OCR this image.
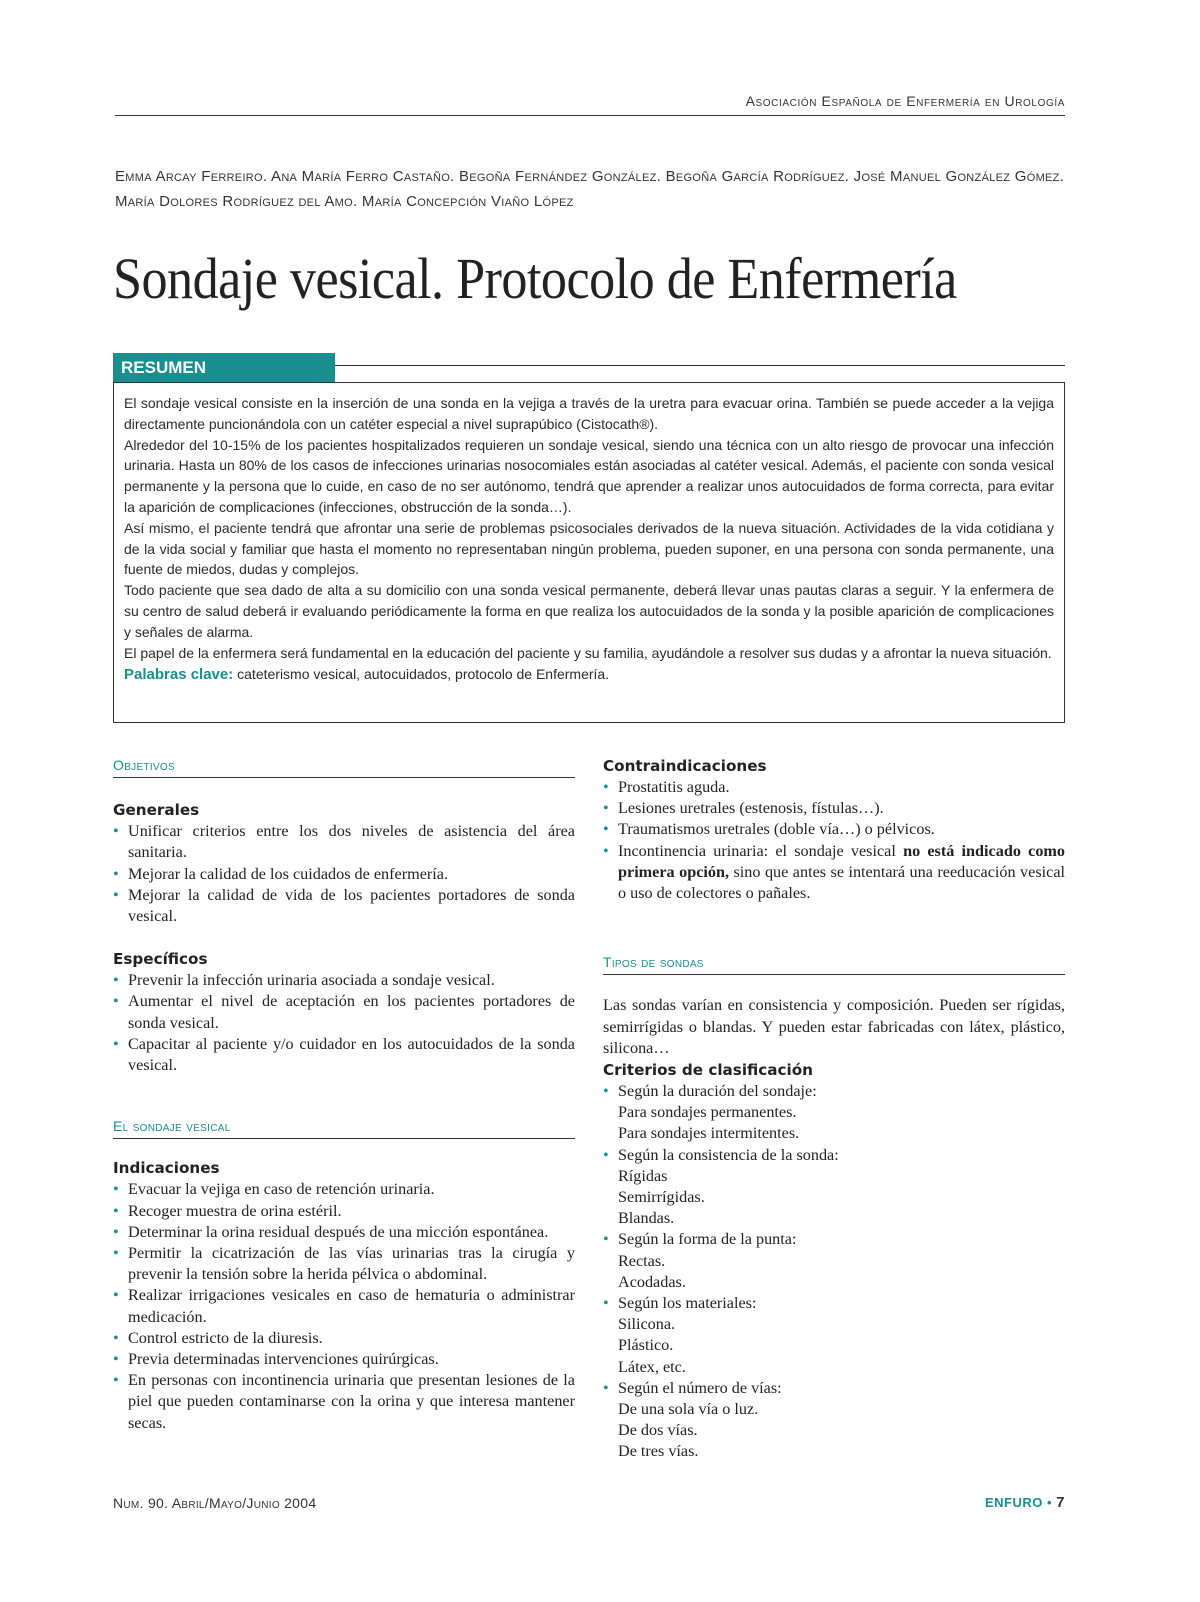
Asociación Española de Enfermería en Urología
Emma Arcay Ferreiro. Ana María Ferro Castaño. Begoña Fernández González. Begoña García Rodríguez. José Manuel González Gómez. María Dolores Rodríguez del Amo. María Concepción Viaño López
Sondaje vesical. Protocolo de Enfermería
RESUMEN

El sondaje vesical consiste en la inserción de una sonda en la vejiga a través de la uretra para evacuar orina. También se puede acceder a la vejiga directamente puncionándola con un catéter especial a nivel suprapúbico (Cistocath®).

Alrededor del 10-15% de los pacientes hospitalizados requieren un sondaje vesical, siendo una técnica con un alto riesgo de provocar una infección urinaria. Hasta un 80% de los casos de infecciones urinarias nosocomiales están asociadas al catéter vesical. Además, el paciente con sonda vesical permanente y la persona que lo cuide, en caso de no ser autónomo, tendrá que aprender a realizar unos autocuidados de forma correcta, para evitar la aparición de complicaciones (infecciones, obstrucción de la sonda…).

Así mismo, el paciente tendrá que afrontar una serie de problemas psicosociales derivados de la nueva situación. Actividades de la vida cotidiana y de la vida social y familiar que hasta el momento no representaban ningún problema, pueden suponer, en una persona con sonda permanente, una fuente de miedos, dudas y complejos.

Todo paciente que sea dado de alta a su domicilio con una sonda vesical permanente, deberá llevar unas pautas claras a seguir. Y la enfermera de su centro de salud deberá ir evaluando periódicamente la forma en que realiza los autocuidados de la sonda y la posible aparición de complicaciones y señales de alarma.

El papel de la enfermera será fundamental en la educación del paciente y su familia, ayudándole a resolver sus dudas y a afrontar la nueva situación.

Palabras clave: cateterismo vesical, autocuidados, protocolo de Enfermería.

Objetivos
Generales
• Unificar criterios entre los dos niveles de asistencia del área sanitaria.
• Mejorar la calidad de los cuidados de enfermería.
• Mejorar la calidad de vida de los pacientes portadores de sonda vesical.
Específicos
• Prevenir la infección urinaria asociada a sondaje vesical.
• Aumentar el nivel de aceptación en los pacientes portadores de sonda vesical.
• Capacitar al paciente y/o cuidador en los autocuidados de la sonda vesical.
El sondaje vesical
Indicaciones
• Evacuar la vejiga en caso de retención urinaria.
• Recoger muestra de orina estéril.
• Determinar la orina residual después de una micción espontánea.
• Permitir la cicatrización de las vías urinarias tras la cirugía y prevenir la tensión sobre la herida pélvica o abdominal.
• Realizar irrigaciones vesicales en caso de hematuria o administrar medicación.
• Control estricto de la diuresis.
• Previa determinadas intervenciones quirúrgicas.
• En personas con incontinencia urinaria que presentan lesiones de la piel que pueden contaminarse con la orina y que interesa mantener secas.
Contraindicaciones
• Prostatitis aguda.
• Lesiones uretrales (estenosis, fístulas…).
• Traumatismos uretrales (doble vía…) o pélvicos.
• Incontinencia urinaria: el sondaje vesical no está indicado como primera opción, sino que antes se intentará una reeducación vesical o uso de colectores o pañales.
Tipos de sondas

Las sondas varían en consistencia y composición. Pueden ser rígidas, semirrígidas o blandas. Y pueden estar fabricadas con látex, plástico, silicona…

Criterios de clasificación
• Según la duración del sondaje:
Para sondajes permanentes.
Para sondajes intermitentes.
• Según la consistencia de la sonda:
Rígidas
Semirrígidas.
Blandas.
• Según la forma de la punta:
Rectas.
Acodadas.
• Según los materiales:
Silicona.
Plástico.
Látex, etc.
• Según el número de vías:
De una sola vía o luz.
De dos vías.
De tres vías.
Num. 90. Abril/Mayo/Junio 2004	ENFURO • 7
